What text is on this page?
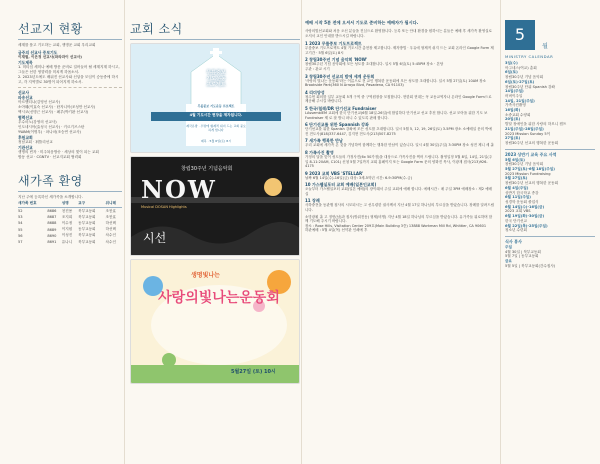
선교지 현황
세계를 품고 기도하는 교회, 생명운 교회 우리교회
금주의 선교사 중보기도
이재범, 이은정 선교사(파라과이 선교사)
기도제목
1. 미티임 세미나 예배 방문 준비로 걸어들어 될 세계지계 하시고, 그들은 선한 영향력을 미치게 하옵소서.
2. 2023년도에도 배워진 선교사와 신앙을 모임이 승동중에 하시고, 각 지역별로 30명이 되어지게 하소서.
선교사
파송선교
아르헨티나(김영선 선교사)
소아웨(이효숙 선교사) · 탄자니아(조성만 선교사)
멕시코(신명근 선교사) · 페루(박기완 선교사)
협력선교
우수마노(강영의 선교사)
인도네시아(효성국 선교사) · 키르기즈스탄
YWAM(이명우) · 파나마(조승연 선교사)
후원교회
정남교회 · 휘틀리선교
기관선교
생명의 빈자 · 미주복음방송 · 세상의 빛이 되는 교회
합동 선교 · CGNTV · 선교지교회 협력회
새가족 환영
지난 주에 등록하신 새가족을 소개합니다.
새가족 번호		성명	교구	위니테
52	8686	천진용	북부교동회	조봉효
53	8687	조지희	북부교동회	조봉효
54	8688	이수정	동부교동회	하선택
55	8689	이지원	동부교동회	하선택
56	8690	이성진	북부교동회	차수인
57	8691	유나니	북부교동회	차수인
교회 소식
무릎중보
기도운동
프로젝트
무릎중보 기도운동 프로젝트
4월 기도시간 현장을 제자됩니다.
제국유방 · 우방에 형제적 쉬지 드는 교회 중요하게 합니다
제목 · 5월 6일(토) 8시
창립30주년 기념음악회
NOW
Musical DOSAN Highlights
시선
생명빛나는
사랑의빛나는운동회
5월27일 (토) 10시
예배 시작 5분 전에 오셔서 기도로 준비하는 예배자가 됩시다.
사랑의빛선교회와 처음 오신 분들을 진심으로 환영합니다. 등록 또는 안내 환경을 원하시는 분들은 예배 후 새가족 환영실로 오셔서 교인 안내를 받으시길 바랍니다.
1 2023 무릎중보 기도프로젝트
무릎중보 기도프로젝트 4월 기도시간 총현장 제고합니다. 제자방법 · 우유에 형제적 쉬지 드는 교회 온라인 Google Form 제고기간 · 5월 6일(토) 8시
2 창립30주년 기념 음악회 'NOW'
창립30주년 기념 음악회에 모든 성도를 초대합니다. 일시 5월 6일(토) 5:45PM 장소 · 본당
주관 : 관교 시기
3 창립30주년 선교의 밤에 세계 운동회
'사랑의 빛나는 운동회'라는 이름으로 전 교인 행복한 운동회에 모든 성도를 초대합니다. 일시 5월 27일(토) 10AM 장소 Brookside Park(360 N Arroyo Blvd, Pasadena, CA 91103)
4 리더양성
청수헌 회의를 일부 교동회 5개 구역 중 구역원장을 모집합니다. 현한회 현대는 꼭 교동교역자나 온라인 Google Form으로 제공해 주시길 바랍니다.
5 한국/칠레/DR 단기선교 Fundraiser
LAssemblEM 교회에 한국 단기선교(6월 18일-26일)에 합업하다 단기선교 선교 추천 합니다. 선교 모아을 위한 기도 보 Fundraiser 제 로 잘 방니 파니 수 있도록 판매 합니다.
6 단기선교를 위한 Spannish 강좌
단기선교를 위한 Spanish 강좌에 모든 성도를 초대합니다. 일시 5월 5, 12, 19, 26일(토) 3-5PM 장소 소예배실 문의 박예진 전도사(818)337-6447, 김지현 전도사(213)507-8275
7 새가족 행복한 만남
우리 교회에 새가족 온 것을 기념하여 함께하는 행복한 만남이 있습니다. 일시 4월 30일(주일) 3:30PM 장소 성전 제니 세 홀
8 가족사진 촬영
가정의 달을 맞이 성도들의 가정사진(6x 50가정)을 대상으로 가족사진을 찍어 드립니다. 촬영일정 5월 8일, 14일, 21일(주일 8-11:20AM, C101) 신청 5월 7일까지 교회 홈페이지 또는 Google Form 문의 양화진 목사, 이광재 집사(213)926-4175
9 2023 교회 VBS 'STELLAR'
날짜 6월 14일(수)-16일(금) 대상: 3세-5학년 시간: 6-9:30PM(수-금)
10 가스펠실포터 교회 예배(일본인교회)
오늘부터 가스펠실포터 교회(일본 예배)의 장이래서 주일 교회에 예배 합니다. 에배시간 : 매 주일 3PM 예배장소 : 제2 예배실
11 장례
사하중전을 동관행 집사의 시모되시는 고 선무령한 권사께서 지난 4월 17일 하나님의 부르심을 받았습니다. 장례를 알려드립니다.
소망광휘 홀 고 정헌(남)과 집사(방위전동) 형제(비명) 지난 4월 18일 하나님의 부르심을 받았습니다. 유가족들 위로하며 함께 기도해 주시기 바랍니다.
장소 : Rose Hills, Visitation Center 209호(Main Building 3층) 13888 Workman Mill Rd, Whittier, CA 90601
하관예배 : 5월 4일(목) 선약관 인쇄예 후
5 월
MINISTRY CALENDAR
3일(수)
아그네스(여교) 총회
6일(토)
창립30주년 기념 음악회
6일(토)·27일(토)
창립30주년 단위 Spanish 강좌
14일(주일)
어버이주일
14일, 21일(주일)
가족사진촬영
16일(화)
소중교회 수양회
20일(토)
발달 장애인을 위한 사랑의 하모니 캠프
21일(주일)·28일(주일)
2023 Mission Sunday 5이
27일(토)
창립30주년 선교의 행복한 운동회
2023 상반기 교육 주요 사역
5월 6일(토)
창립30주년 기념 음악회
5월 27일(토)-6월 18일(주일)
2023 Mission Fundraising
5월 27일(토)
창립30주년 선교의 행복한 운동회
6월 4일(주일)
상반기 한국학교 종강
6월 11일(주일)
성경학 운동회 졸업식
6월 14일(수)-16일(금)
2023 교회 VBS
6월 19일(화)-30일(금)
한국 단기선교
6월 22일(목)-25일(주일)
청소년 수련회
식사 봉사
주일
4월 30일 | 북부교동회
5월 7일 | 동부교동회
금요
5월 5일 | 북부교동회(간수집사)
